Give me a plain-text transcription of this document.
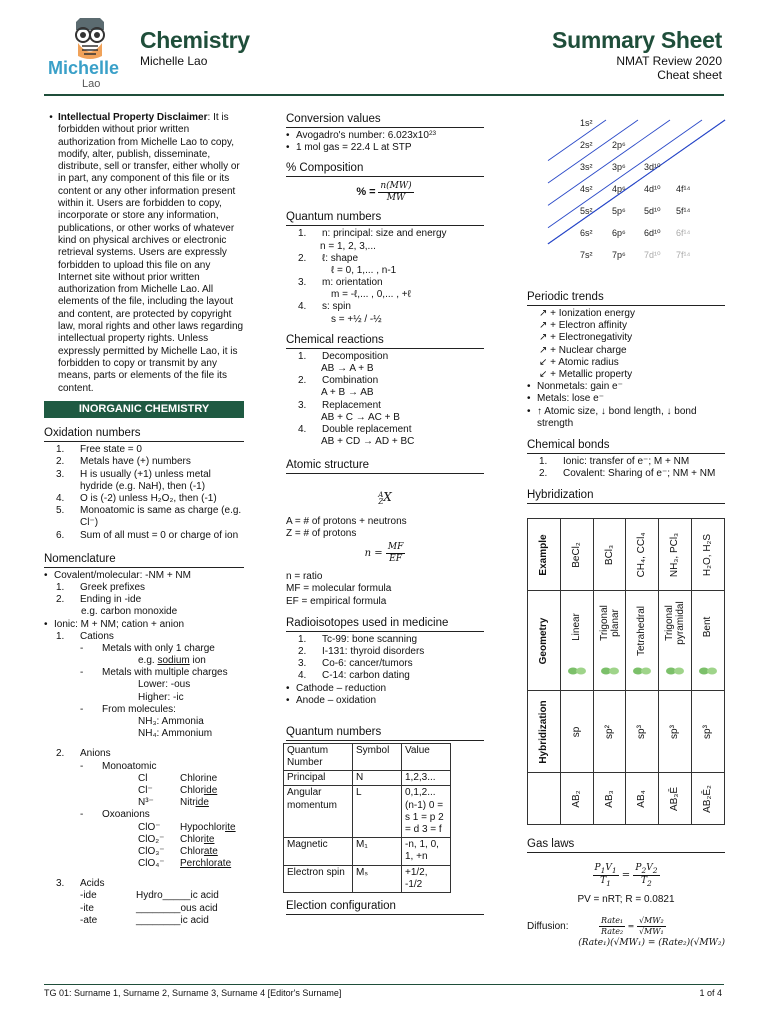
Michelle
Lao
Chemistry
Michelle Lao
Summary Sheet
NMAT Review 2020
Cheat sheet
• Intellectual Property Disclaimer: It is forbidden without prior written authorization from Michelle Lao to copy, modify, alter, publish, disseminate, distribute, sell or transfer, either wholly or in part, any component of this file or its content or any other information present within it. Users are forbidden to copy, incorporate or store any information, publications, or other works of whatever kind on physical archives or electronic retrieval systems. Users are expressly forbidden to upload this file on any Internet site without prior written authorization from Michelle Lao. All elements of the file, including the layout and content, are protected by copyright law, moral rights and other laws regarding intellectual property rights. Unless expressly permitted by Michelle Lao, it is forbidden to copy or transmit by any means, parts or elements of the file its content.
INORGANIC CHEMISTRY
Oxidation numbers
1.	Free state = 0
2.	Metals have (+) numbers
3.	H is usually (+1) unless metal hydride (e.g. NaH), then (-1)
4.	O is (-2) unless H₂O₂, then (-1)
5.	Monoatomic is same as charge (e.g. Cl⁻)
6.	Sum of all must = 0 or charge of ion
Nomenclature
• Covalent/molecular: -NM + NM
1.	Greek prefixes
2.	Ending in -ide
e.g. carbon monoxide
• Ionic: M + NM; cation + anion
1.	Cations
-	Metals with only 1 charge
e.g. sodium ion
-	Metals with multiple charges
Lower: -ous
Higher: -ic
-	From molecules:
NH₃: Ammonia
NH₄: Ammonium
2.	Anions
-	Monoatomic
Cl	Chlorine
Cl⁻	Chlor ide
N³⁻	Nitr ide
-	Oxoanions
ClO⁻	Hypochlor ite
ClO₂⁻	Chlor ite
ClO₃⁻	Chlor ate
ClO₄⁻	Perchlor ate
3.	Acids
-ide	Hydro_____ic acid
-ite	________ous acid
-ate	________ic acid
Conversion values
• Avogadro's number: 6.023x10 23
• 1 mol gas = 22.4 L at STP
% Composition
% = $\frac{n(MW)}{MW}$
Quantum numbers
1.	n: principal: size and energy
n = 1, 2, 3,...
2.	ℓ: shape
ℓ = 0, 1,... , n-1
3.	m: orientation
m = -ℓ,... , 0,... , +ℓ
4.	s: spin
s = +½ / -½
Chemical reactions
1.	Decomposition
AB → A + B
2.	Combination
A + B → AB
3.	Replacement
AB + C → AC + B
4.	Double replacement
AB + CD → AD + BC
Atomic structure
A
ZX
A = # of protons + neutrons
Z = # of protons
$n = \frac{MF}{EF}$
n = ratio
MF = molecular formula
EF = empirical formula
Radioisotopes used in medicine
1.	Tc-99: bone scanning
2.	I-131: thyroid disorders
3.	Co-6: cancer/tumors
4.	C-14: carbon dating
• Cathode – reduction
• Anode – oxidation
Quantum numbers
Quantum Number	Symbol	Value
Principal	N	1,2,3...
Angular momentum	L	0,1,2... (n-1) 0 = s 1 = p 2 = d 3 = f
Magnetic	M₁	-n, 1, 0, 1, +n
Electron spin	Mₛ	+1/2, -1/2
Election configuration
1s²
2s² 2p⁶
3s² 3p⁶ 3d¹⁰
4s² 4p⁶ 4d¹⁰ 4f¹⁴
5s² 5p⁶ 5d¹⁰ 5f¹⁴
6s² 6p⁶ 6d¹⁰ 6f¹⁴
7s² 7p⁶ 7d¹⁰ 7f¹⁴
Periodic trends
↗ + Ionization energy
↗ + Electron affinity
↗ + Electronegativity
↗ + Nuclear charge
↙ + Atomic radius
↙ + Metallic property
• Nonmetals: gain e⁻
• Metals: lose e⁻
• ↑ Atomic size, ↓ bond length, ↓ bond strength
Chemical bonds
1.	Ionic: transfer of e⁻; M + NM
2.	Covalent: Sharing of e⁻; NM + NM
Hybridization
Example	BeCl₂	BCl₃	CH₄, CCl₄	NH₃, PCl₃	H₂O, H₂S

Geometry	Linear	Trigonal planar	Tetrahedral	Trigonal pyramidal	Bent

Hybridization	sp	sp²	sp³	sp³	sp³

	AB₂	AB₃	AB₄	AB₃Ē	AB₂Ē₂
Gas laws
$\frac{P_1V_1}{T_1} = \frac{P_2V_2}{T_2}$
PV = nRT; R = 0.0821
Diffusion:	$\frac{\text{Rate₁}}{\text{Rate₂}} = \frac{\text{√MW₂}}{\text{√MW₁}}$
(Rate₁)(√MW₁) = (Rate₂)(√MW₂)
TG 01: Surname 1, Surname 2, Surname 3, Surname 4 [Editor's Surname]	1 of 4
